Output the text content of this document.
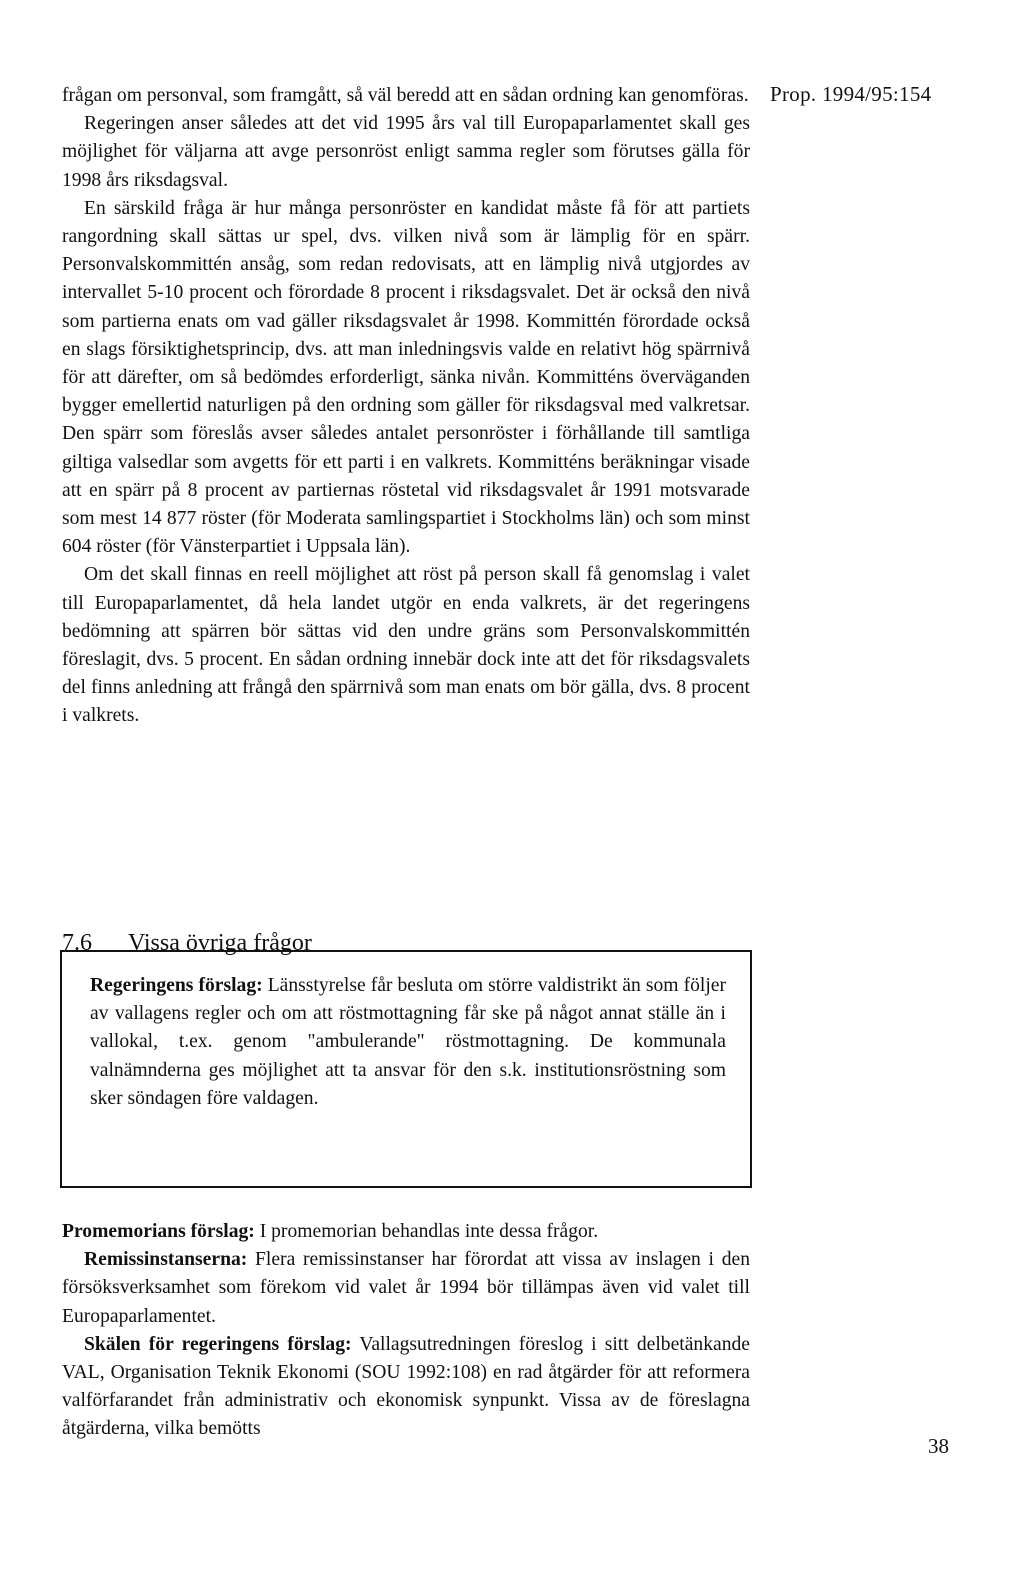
Prop. 1994/95:154

frågan om personval, som framgått, så väl beredd att en sådan ordning kan genomföras.

Regeringen anser således att det vid 1995 års val till Europaparlamentet skall ges möjlighet för väljarna att avge personröst enligt samma regler som förutses gälla för 1998 års riksdagsval.

En särskild fråga är hur många personröster en kandidat måste få för att partiets rangordning skall sättas ur spel, dvs. vilken nivå som är lämplig för en spärr. Personvalskommittén ansåg, som redan redovisats, att en lämplig nivå utgjordes av intervallet 5-10 procent och förordade 8 procent i riksdagsvalet. Det är också den nivå som partierna enats om vad gäller riksdagsvalet år 1998. Kommittén förordade också en slags försiktighetsprincip, dvs. att man inledningsvis valde en relativt hög spärrnivå för att därefter, om så bedömdes erforderligt, sänka nivån. Kommitténs överväganden bygger emellertid naturligen på den ordning som gäller för riksdagsval med valkretsar. Den spärr som föreslås avser således antalet personröster i förhållande till samtliga giltiga valsedlar som avgetts för ett parti i en valkrets. Kommitténs beräkningar visade att en spärr på 8 procent av partiernas röstetal vid riksdagsvalet år 1991 motsvarade som mest 14 877 röster (för Moderata samlingspartiet i Stockholms län) och som minst 604 röster (för Vänsterpartiet i Uppsala län).

Om det skall finnas en reell möjlighet att röst på person skall få genomslag i valet till Europaparlamentet, då hela landet utgör en enda valkrets, är det regeringens bedömning att spärren bör sättas vid den undre gräns som Personvalskommittén föreslagit, dvs. 5 procent. En sådan ordning innebär dock inte att det för riksdagsvalets del finns anledning att frångå den spärrnivå som man enats om bör gälla, dvs. 8 procent i valkrets.

7.6 Vissa övriga frågor

Regeringens förslag: Länsstyrelse får besluta om större valdistrikt än som följer av vallagens regler och om att röstmottagning får ske på något annat ställe än i vallokal, t.ex. genom "ambulerande" röstmottagning. De kommunala valnämnderna ges möjlighet att ta ansvar för den s.k. institutionsröstning som sker söndagen före valdagen.

Promemorians förslag: I promemorian behandlas inte dessa frågor.

Remissinstanserna: Flera remissinstanser har förordat att vissa av inslagen i den försöksverksamhet som förekom vid valet år 1994 bör tillämpas även vid valet till Europaparlamentet.

Skälen för regeringens förslag: Vallagsutredningen föreslog i sitt delbetänkande VAL, Organisation Teknik Ekonomi (SOU 1992:108) en rad åtgärder för att reformera valförfarandet från administrativ och ekonomisk synpunkt. Vissa av de föreslagna åtgärderna, vilka bemötts

38
